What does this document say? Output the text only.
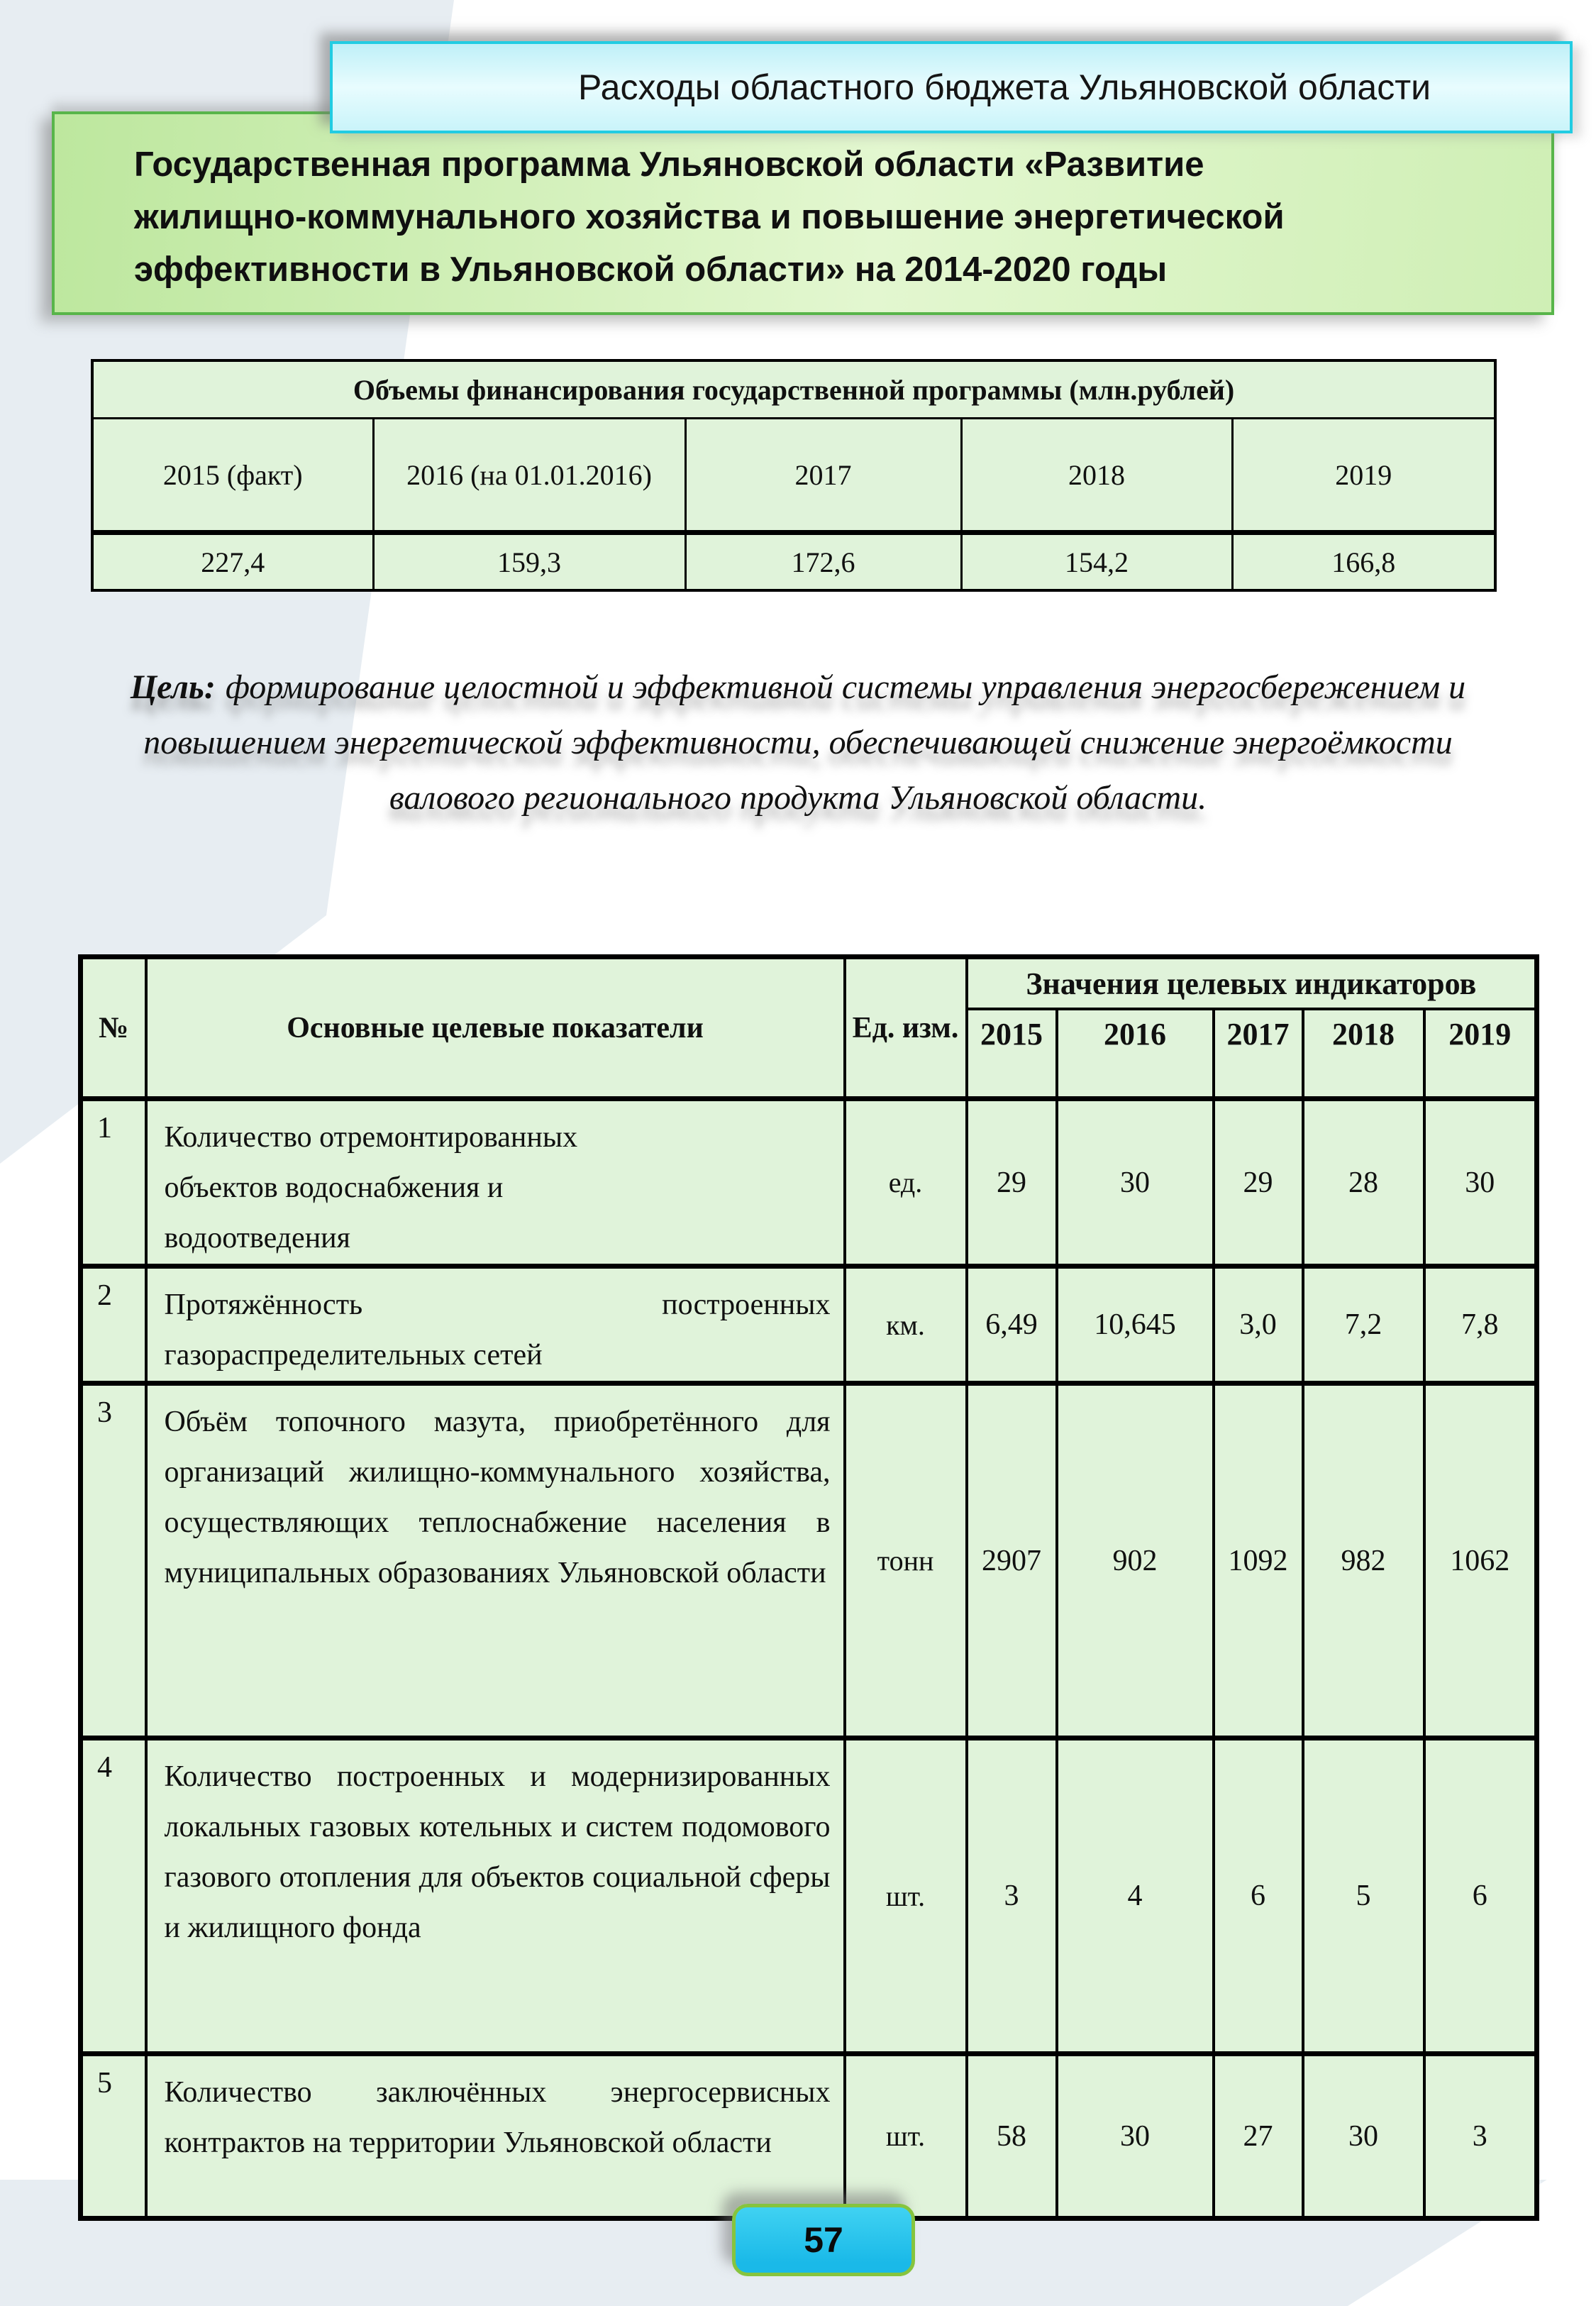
Расходы областного бюджета Ульяновской области
Государственная программа Ульяновской области «Развитие
жилищно-коммунального хозяйства и повышение энергетической
эффективности в Ульяновской области» на 2014-2020 годы
Объемы финансирования государственной программы (млн.рублей)				
2015 (факт)	2016 (на 01.01.2016)	2017	2018	2019
227,4	159,3	172,6	154,2	166,8
Цель: формирование целостной и эффективной системы управления энергосбережением и повышением энергетической эффективности, обеспечивающей снижение энергоёмкости валового регионального продукта Ульяновской области.
№	Основные целевые показатели	Ед. изм.	Значения целевых индикаторов				
			2015	2016	2017	2018	2019
1	Количество отремонтированных объектов водоснабжения и водоотведения	ед.	29	30	29	28	30
2	Протяжённость построенных газораспределительных сетей	км.	6,49	10,645	3,0	7,2	7,8
3	Объём топочного мазута, приобретённого для организаций жилищно-коммунального хозяйства, осуществляющих теплоснабжение населения в муниципальных образованиях Ульяновской области	тонн	2907	902	1092	982	1062
4	Количество построенных и модернизированных локальных газовых котельных и систем подомового газового отопления для объектов социальной сферы и жилищного фонда	шт.	3	4	6	5	6
5	Количество заключённых энергосервисных контрактов на территории Ульяновской области	шт.	58	30	27	30	3
57
